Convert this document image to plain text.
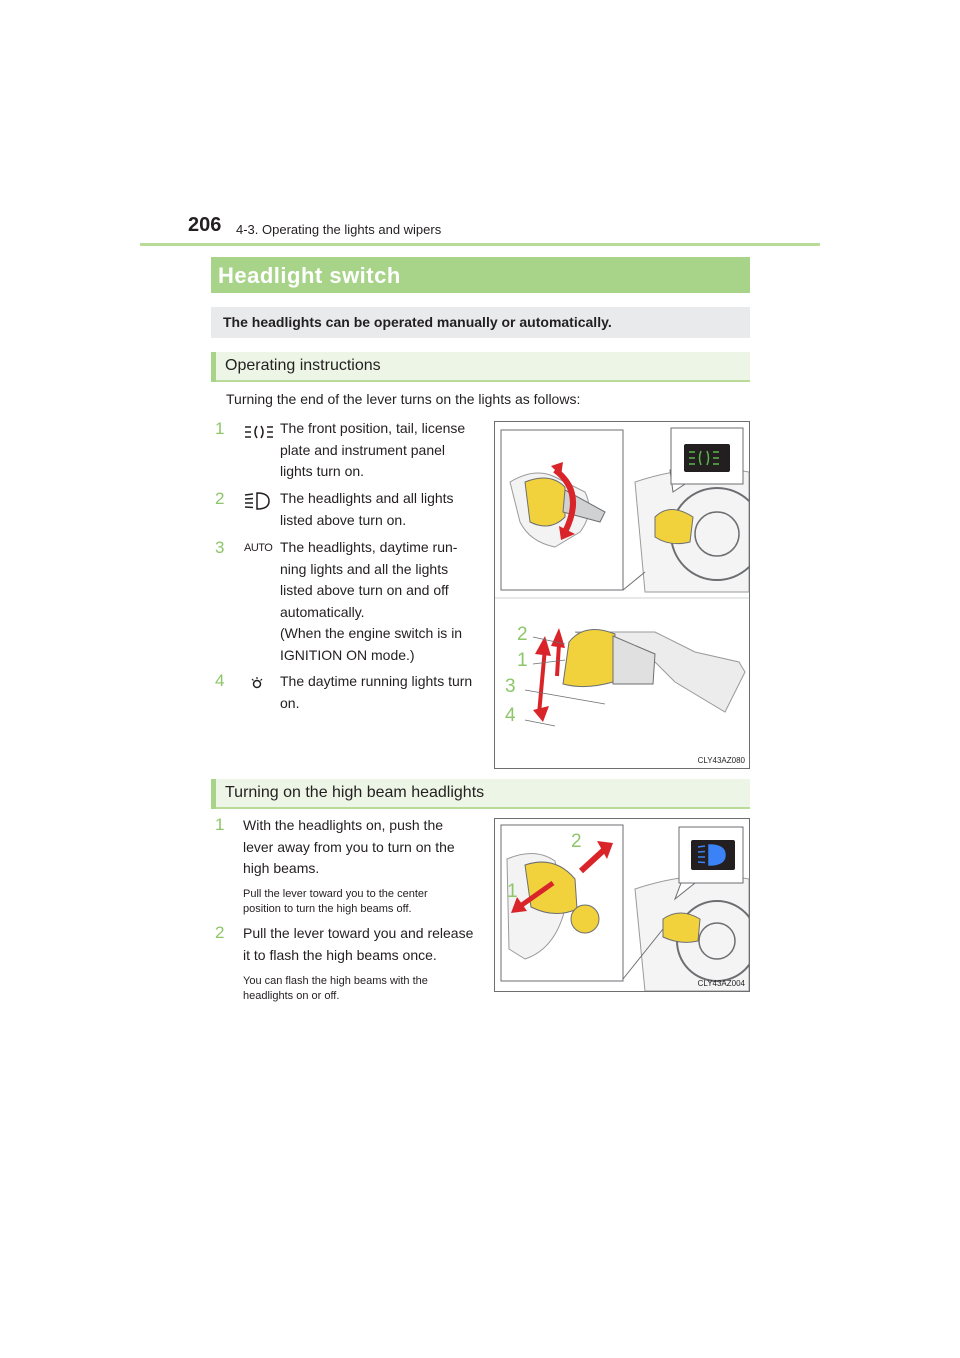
206 4-3. Operating the lights and wipers
Headlight switch
The headlights can be operated manually or automatically.
Operating instructions
Turning the end of the lever turns on the lights as follows:
1	The front position, tail, license
plate and instrument panel
lights turn on.
2	The headlights and all lights
listed above turn on.
3 AUTO The headlights, daytime run-
ning lights and all the lights
listed above turn on and off
automatically.
(When the engine switch is in
IGNITION ON mode.)
4	The daytime running lights turn
on.
2
1
3
4
CLY43AZ080
Turning on the high beam headlights
1 With the headlights on, push the
lever away from you to turn on the
high beams.
Pull the lever toward you to the center
position to turn the high beams off.
2 Pull the lever toward you and release
it to flash the high beams once.
You can flash the high beams with the
headlights on or off.
2
1
CLY43AZ004
